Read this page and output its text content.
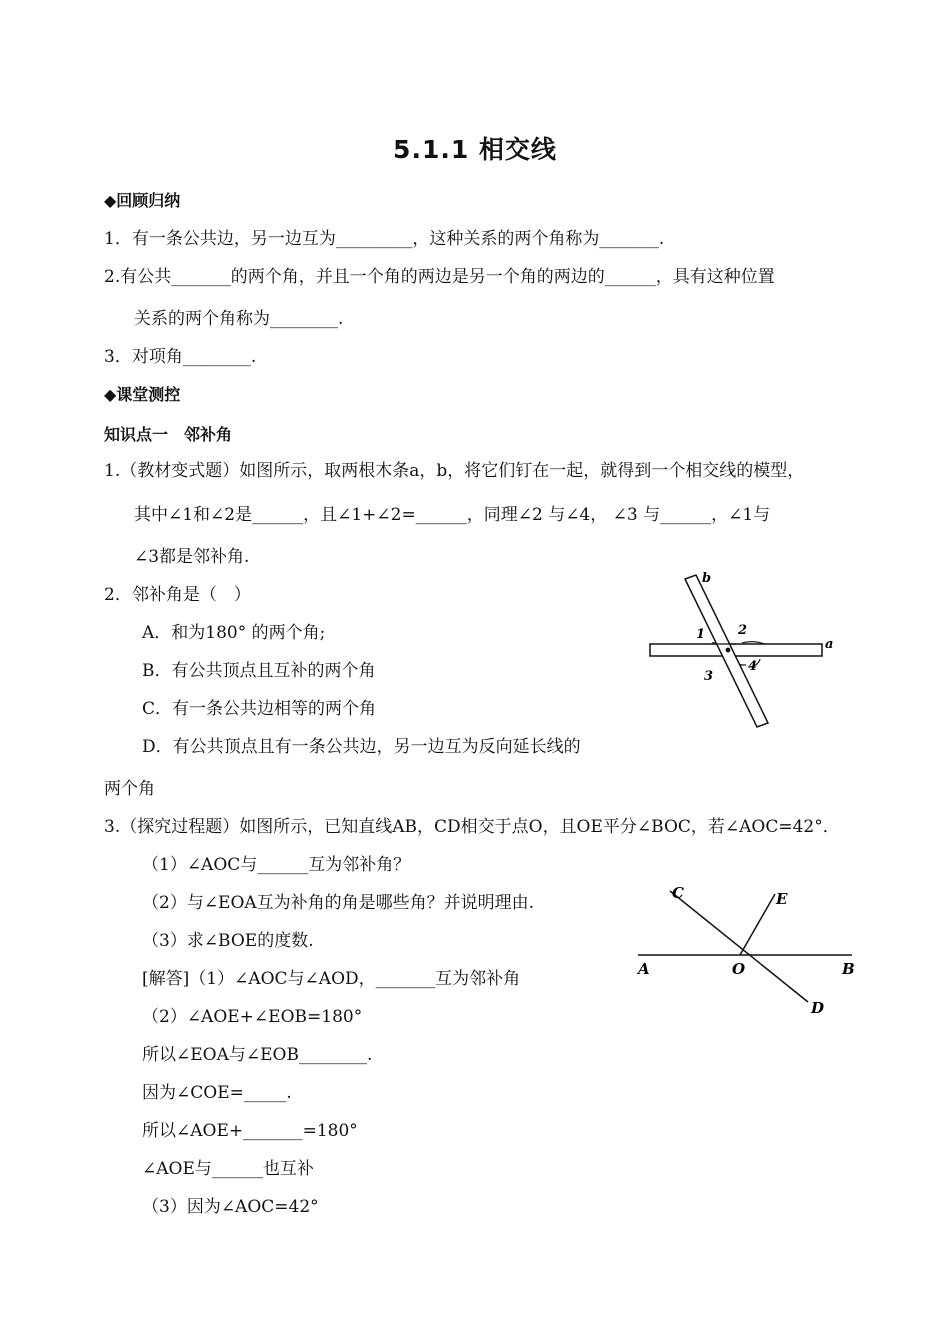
5.1.1 相交线
◆回顾归纳
1．有一条公共边，另一边互为_________，这种关系的两个角称为_______.
2.有公共_______的两个角，并且一个角的两边是另一个角的两边的______，具有这种位置
关系的两个角称为________.
3．对项角________.
◆课堂测控
知识点一　邻补角
1.（教材变式题）如图所示，取两根木条a，b，将它们钉在一起，就得到一个相交线的模型，
其中∠1和∠2是______，且∠1+∠2=______，同理∠2 与∠4， ∠3 与______，∠1与
∠3都是邻补角.
2．邻补角是（　）
A．和为180° 的两个角;
B．有公共顶点且互补的两个角
C．有一条公共边相等的两个角
D．有公共顶点且有一条公共边，另一边互为反向延长线的
两个角
3.（探究过程题）如图所示，已知直线AB，CD相交于点O，且OE平分∠BOC，若∠AOC=42°．
（1）∠AOC与______互为邻补角？
（2）与∠EOA互为补角的角是哪些角？并说明理由.
（3）求∠BOE的度数.
[解答]（1）∠AOC与∠AOD，_______互为邻补角
（2）∠AOE+∠EOB=180°
所以∠EOA与∠EOB________.
因为∠COE=_____.
所以∠AOE+_______=180°
∠AOE与______也互补
（3）因为∠AOC=42°
b
a
1	2
3
4
C	E
A	O	B
D
